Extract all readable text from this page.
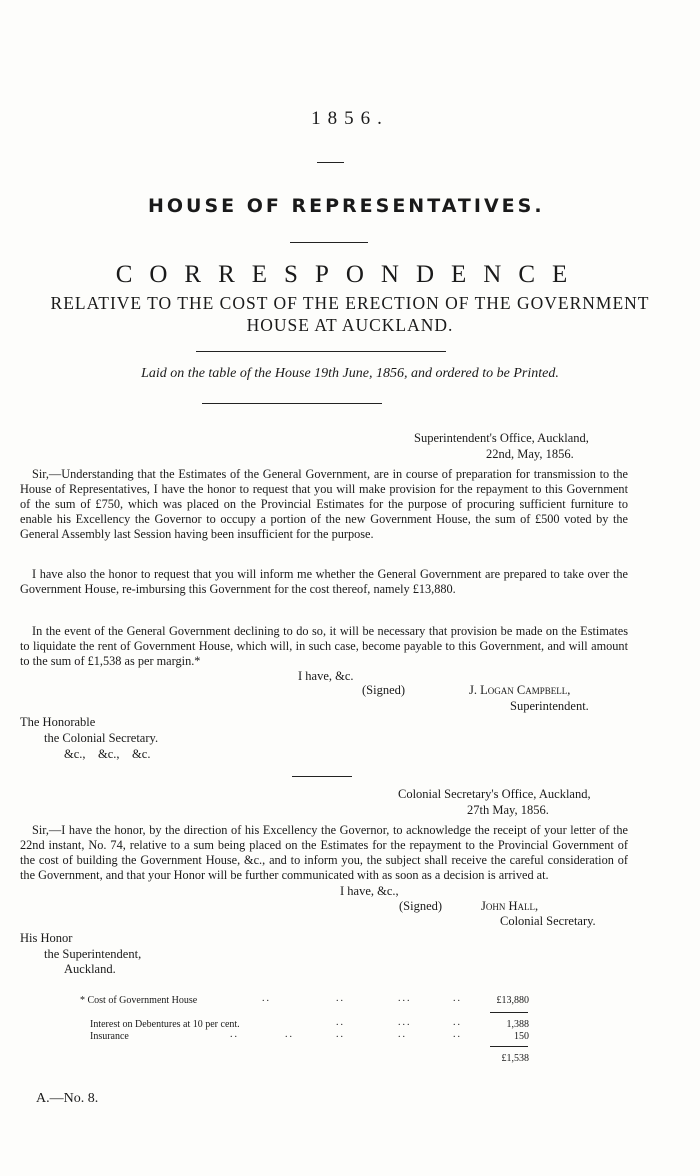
1856.
HOUSE OF REPRESENTATIVES.
CORRESPONDENCE
RELATIVE TO THE COST OF THE ERECTION OF THE GOVERNMENT
HOUSE AT AUCKLAND.
Laid on the table of the House 19th June, 1856, and ordered to be Printed.
Superintendent's Office, Auckland,
22nd, May, 1856.
Sir,—Understanding that the Estimates of the General Government, are in course of preparation for transmission to the House of Representatives, I have the honor to request that you will make provision for the repayment to this Government of the sum of £750, which was placed on the Provincial Estimates for the purpose of procuring sufficient furniture to enable his Excellency the Governor to occupy a portion of the new Government House, the sum of £500 voted by the General Assembly last Session having been insufficient for the purpose.
I have also the honor to request that you will inform me whether the General Government are prepared to take over the Government House, re-imbursing this Government for the cost thereof, namely £13,880.
In the event of the General Government declining to do so, it will be necessary that provision be made on the Estimates to liquidate the rent of Government House, which will, in such case, become payable to this Government, and will amount to the sum of £1,538 as per margin.*
I have, &c.
(Signed)	J. Logan Campbell,
Superintendent.
The Honorable
the Colonial Secretary.
&c.,    &c.,    &c.
Colonial Secretary's Office, Auckland,
27th May, 1856.
Sir,—I have the honor, by the direction of his Excellency the Governor, to acknowledge the receipt of your letter of the 22nd instant, No. 74, relative to a sum being placed on the Estimates for the repayment to the Provincial Government of the cost of building the Government House, &c., and to inform you, the subject shall receive the careful consideration of the Government, and that your Honor will be further communicated with as soon as a decision is arrived at.
I have, &c.,
(Signed)	John Hall,
Colonial Secretary.
His Honor
the Superintendent,
Auckland.
* Cost of Government House	..	..	...	..	£13,880
Interest on Debentures at 10 per cent.	..	...	..	1,388
Insurance	..	..	..	..	..	150
£1,538
A.—No. 8.
